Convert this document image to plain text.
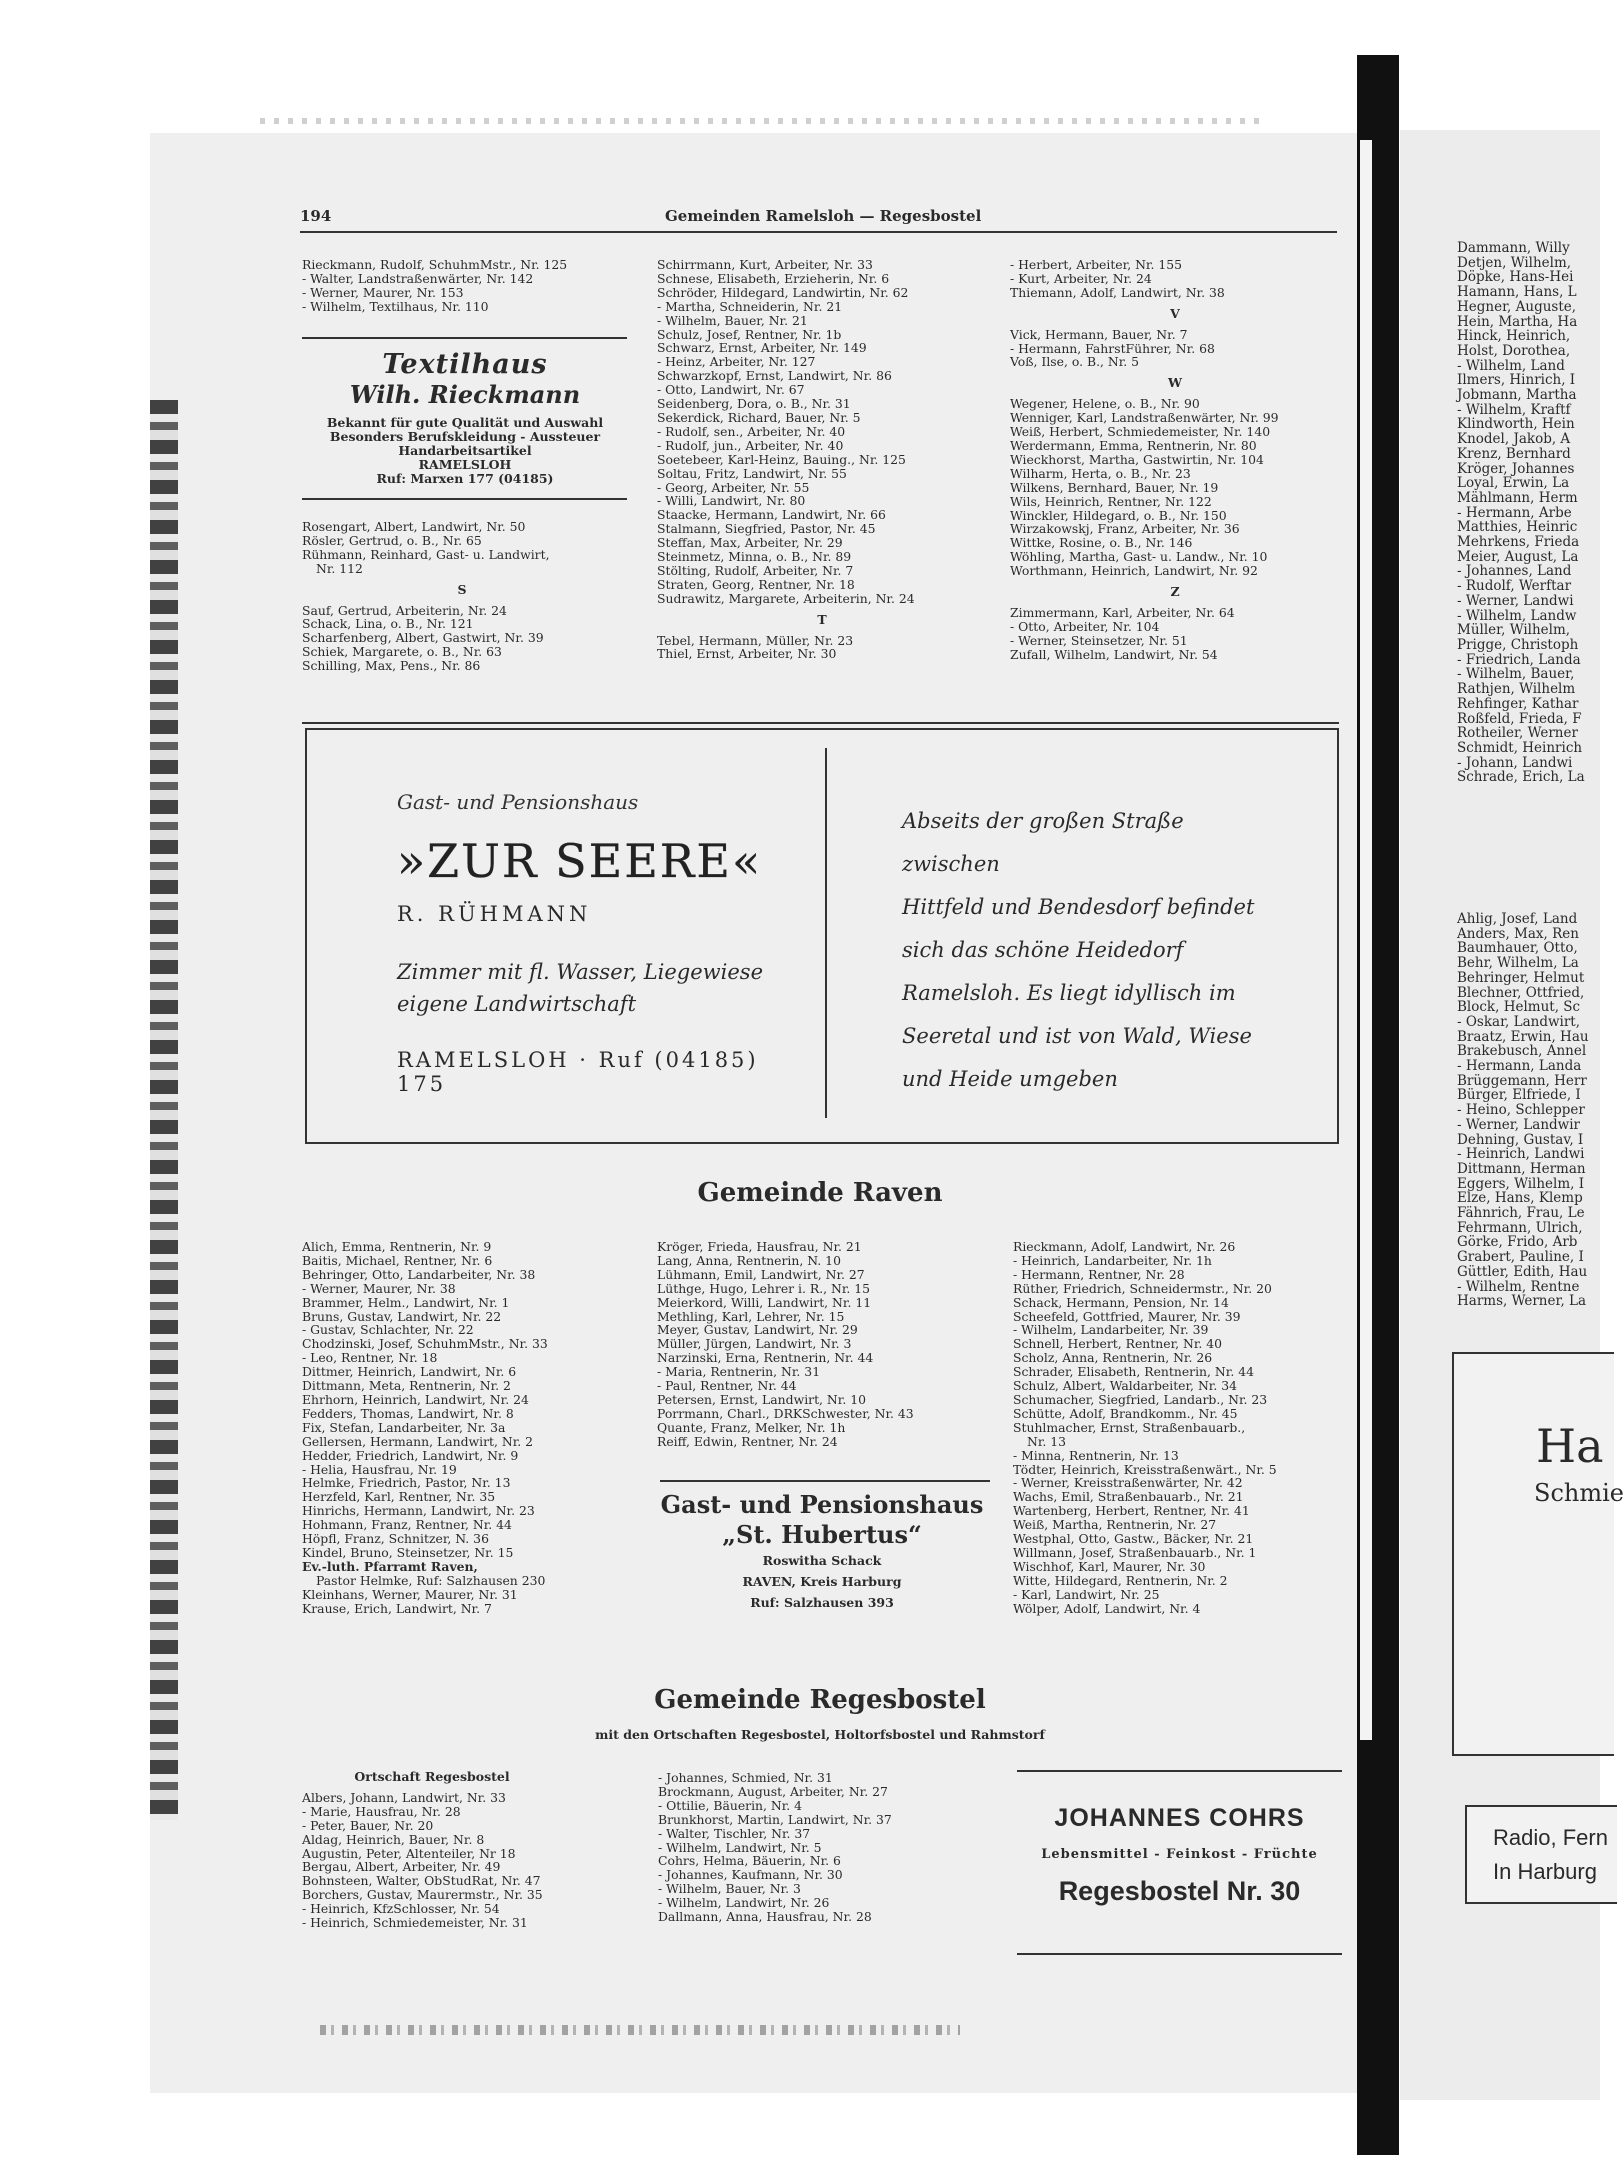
Dammann, Willy
Detjen, Wilhelm,
Döpke, Hans-Hei
Hamann, Hans, L
Hegner, Auguste,
Hein, Martha, Ha
Hinck, Heinrich,
Holst, Dorothea,
- Wilhelm, Land
Ilmers, Hinrich, I
Jobmann, Martha
- Wilhelm, Kraftf
Klindworth, Hein
Knodel, Jakob, A
Krenz, Bernhard
Kröger, Johannes
Loyal, Erwin, La
Mählmann, Herm
- Hermann, Arbe
Matthies, Heinric
Mehrkens, Frieda
Meier, August, La
- Johannes, Land
- Rudolf, Werftar
- Werner, Landwi
- Wilhelm, Landw
Müller, Wilhelm,
Prigge, Christoph
- Friedrich, Landa
- Wilhelm, Bauer,
Rathjen, Wilhelm
Rehfinger, Kathar
Roßfeld, Frieda, F
Rotheiler, Werner
Schmidt, Heinrich
- Johann, Landwi
Schrade, Erich, La
Ahlig, Josef, Land
Anders, Max, Ren
Baumhauer, Otto,
Behr, Wilhelm, La
Behringer, Helmut
Blechner, Ottfried,
Block, Helmut, Sc
- Oskar, Landwirt,
Braatz, Erwin, Hau
Brakebusch, Annel
- Hermann, Landa
Brüggemann, Herr
Bürger, Elfriede, I
- Heino, Schlepper
- Werner, Landwir
Dehning, Gustav, I
- Heinrich, Landwi
Dittmann, Herman
Eggers, Wilhelm, I
Elze, Hans, Klemp
Fähnrich, Frau, Le
Fehrmann, Ulrich,
Görke, Frido, Arb
Grabert, Pauline, I
Güttler, Edith, Hau
- Wilhelm, Rentne
Harms, Werner, La
Ha
Schmie
Radio, Fern
In Harburg
194	Gemeinden Ramelsloh — Regesbostel
Rieckmann, Rudolf, SchuhmMstr., Nr. 125
- Walter, Landstraßenwärter, Nr. 142
- Werner, Maurer, Nr. 153
- Wilhelm, Textilhaus, Nr. 110
Textilhaus
Wilh. Rieckmann
Bekannt für gute Qualität und Auswahl
Besonders Berufskleidung - Aussteuer
Handarbeitsartikel
RAMELSLOH
Ruf: Marxen 177 (04185)
Rosengart, Albert, Landwirt, Nr. 50
Rösler, Gertrud, o. B., Nr. 65
Rühmann, Reinhard, Gast- u. Landwirt,
Nr. 112
S
Sauf, Gertrud, Arbeiterin, Nr. 24
Schack, Lina, o. B., Nr. 121
Scharfenberg, Albert, Gastwirt, Nr. 39
Schiek, Margarete, o. B., Nr. 63
Schilling, Max, Pens., Nr. 86
Schirrmann, Kurt, Arbeiter, Nr. 33
Schnese, Elisabeth, Erzieherin, Nr. 6
Schröder, Hildegard, Landwirtin, Nr. 62
- Martha, Schneiderin, Nr. 21
- Wilhelm, Bauer, Nr. 21
Schulz, Josef, Rentner, Nr. 1b
Schwarz, Ernst, Arbeiter, Nr. 149
- Heinz, Arbeiter, Nr. 127
Schwarzkopf, Ernst, Landwirt, Nr. 86
- Otto, Landwirt, Nr. 67
Seidenberg, Dora, o. B., Nr. 31
Sekerdick, Richard, Bauer, Nr. 5
- Rudolf, sen., Arbeiter, Nr. 40
- Rudolf, jun., Arbeiter, Nr. 40
Soetebeer, Karl-Heinz, Bauing., Nr. 125
Soltau, Fritz, Landwirt, Nr. 55
- Georg, Arbeiter, Nr. 55
- Willi, Landwirt, Nr. 80
Staacke, Hermann, Landwirt, Nr. 66
Stalmann, Siegfried, Pastor, Nr. 45
Steffan, Max, Arbeiter, Nr. 29
Steinmetz, Minna, o. B., Nr. 89
Stölting, Rudolf, Arbeiter, Nr. 7
Straten, Georg, Rentner, Nr. 18
Sudrawitz, Margarete, Arbeiterin, Nr. 24
T
Tebel, Hermann, Müller, Nr. 23
Thiel, Ernst, Arbeiter, Nr. 30
- Herbert, Arbeiter, Nr. 155
- Kurt, Arbeiter, Nr. 24
Thiemann, Adolf, Landwirt, Nr. 38
V
Vick, Hermann, Bauer, Nr. 7
- Hermann, FahrstFührer, Nr. 68
Voß, Ilse, o. B., Nr. 5
W
Wegener, Helene, o. B., Nr. 90
Wenniger, Karl, Landstraßenwärter, Nr. 99
Weiß, Herbert, Schmiedemeister, Nr. 140
Werdermann, Emma, Rentnerin, Nr. 80
Wieckhorst, Martha, Gastwirtin, Nr. 104
Wilharm, Herta, o. B., Nr. 23
Wilkens, Bernhard, Bauer, Nr. 19
Wils, Heinrich, Rentner, Nr. 122
Winckler, Hildegard, o. B., Nr. 150
Wirzakowskj, Franz, Arbeiter, Nr. 36
Wittke, Rosine, o. B., Nr. 146
Wöhling, Martha, Gast- u. Landw., Nr. 10
Worthmann, Heinrich, Landwirt, Nr. 92
Z
Zimmermann, Karl, Arbeiter, Nr. 64
- Otto, Arbeiter, Nr. 104
- Werner, Steinsetzer, Nr. 51
Zufall, Wilhelm, Landwirt, Nr. 54
Gast- und Pensionshaus
»ZUR SEERE«
R. RÜHMANN
Zimmer mit fl. Wasser, Liegewiese
eigene Landwirtschaft
RAMELSLOH · Ruf (04185) 175
Abseits der großen Straße zwischen
Hittfeld und Bendesdorf befindet
sich das schöne Heidedorf
Ramelsloh. Es liegt idyllisch im
Seeretal und ist von Wald, Wiese
und Heide umgeben
Gemeinde Raven
Alich, Emma, Rentnerin, Nr. 9
Baitis, Michael, Rentner, Nr. 6
Behringer, Otto, Landarbeiter, Nr. 38
- Werner, Maurer, Nr. 38
Brammer, Helm., Landwirt, Nr. 1
Bruns, Gustav, Landwirt, Nr. 22
- Gustav, Schlachter, Nr. 22
Chodzinski, Josef, SchuhmMstr., Nr. 33
- Leo, Rentner, Nr. 18
Dittmer, Heinrich, Landwirt, Nr. 6
Dittmann, Meta, Rentnerin, Nr. 2
Ehrhorn, Heinrich, Landwirt, Nr. 24
Fedders, Thomas, Landwirt, Nr. 8
Fix, Stefan, Landarbeiter, Nr. 3a
Gellersen, Hermann, Landwirt, Nr. 2
Hedder, Friedrich, Landwirt, Nr. 9
- Helia, Hausfrau, Nr. 19
Helmke, Friedrich, Pastor, Nr. 13
Herzfeld, Karl, Rentner, Nr. 35
Hinrichs, Hermann, Landwirt, Nr. 23
Hohmann, Franz, Rentner, Nr. 44
Höpfl, Franz, Schnitzer, N. 36
Kindel, Bruno, Steinsetzer, Nr. 15
Ev.-luth. Pfarramt Raven,
Pastor Helmke, Ruf: Salzhausen 230
Kleinhans, Werner, Maurer, Nr. 31
Krause, Erich, Landwirt, Nr. 7
Kröger, Frieda, Hausfrau, Nr. 21
Lang, Anna, Rentnerin, N. 10
Lühmann, Emil, Landwirt, Nr. 27
Lüthge, Hugo, Lehrer i. R., Nr. 15
Meierkord, Willi, Landwirt, Nr. 11
Methling, Karl, Lehrer, Nr. 15
Meyer, Gustav, Landwirt, Nr. 29
Müller, Jürgen, Landwirt, Nr. 3
Narzinski, Erna, Rentnerin, Nr. 44
- Maria, Rentnerin, Nr. 31
- Paul, Rentner, Nr. 44
Petersen, Ernst, Landwirt, Nr. 10
Porrmann, Charl., DRKSchwester, Nr. 43
Quante, Franz, Melker, Nr. 1h
Reiff, Edwin, Rentner, Nr. 24
Rieckmann, Adolf, Landwirt, Nr. 26
- Heinrich, Landarbeiter, Nr. 1h
- Hermann, Rentner, Nr. 28
Rüther, Friedrich, Schneidermstr., Nr. 20
Schack, Hermann, Pension, Nr. 14
Scheefeld, Gottfried, Maurer, Nr. 39
- Wilhelm, Landarbeiter, Nr. 39
Schnell, Herbert, Rentner, Nr. 40
Scholz, Anna, Rentnerin, Nr. 26
Schrader, Elisabeth, Rentnerin, Nr. 44
Schulz, Albert, Waldarbeiter, Nr. 34
Schumacher, Siegfried, Landarb., Nr. 23
Schütte, Adolf, Brandkomm., Nr. 45
Stuhlmacher, Ernst, Straßenbauarb.,
Nr. 13
- Minna, Rentnerin, Nr. 13
Tödter, Heinrich, Kreisstraßenwärt., Nr. 5
- Werner, Kreisstraßenwärter, Nr. 42
Wachs, Emil, Straßenbauarb., Nr. 21
Wartenberg, Herbert, Rentner, Nr. 41
Weiß, Martha, Rentnerin, Nr. 27
Westphal, Otto, Gastw., Bäcker, Nr. 21
Willmann, Josef, Straßenbauarb., Nr. 1
Wischhof, Karl, Maurer, Nr. 30
Witte, Hildegard, Rentnerin, Nr. 2
- Karl, Landwirt, Nr. 25
Wölper, Adolf, Landwirt, Nr. 4
Gast- und Pensionshaus
„St. Hubertus“
Roswitha Schack
RAVEN, Kreis Harburg
Ruf: Salzhausen 393
Gemeinde Regesbostel
mit den Ortschaften Regesbostel, Holtorfsbostel und Rahmstorf
Ortschaft Regesbostel
Albers, Johann, Landwirt, Nr. 33
- Marie, Hausfrau, Nr. 28
- Peter, Bauer, Nr. 20
Aldag, Heinrich, Bauer, Nr. 8
Augustin, Peter, Altenteiler, Nr 18
Bergau, Albert, Arbeiter, Nr. 49
Bohnsteen, Walter, ObStudRat, Nr. 47
Borchers, Gustav, Maurermstr., Nr. 35
- Heinrich, KfzSchlosser, Nr. 54
- Heinrich, Schmiedemeister, Nr. 31
- Johannes, Schmied, Nr. 31
Brockmann, August, Arbeiter, Nr. 27
- Ottilie, Bäuerin, Nr. 4
Brunkhorst, Martin, Landwirt, Nr. 37
- Walter, Tischler, Nr. 37
- Wilhelm, Landwirt, Nr. 5
Cohrs, Helma, Bäuerin, Nr. 6
- Johannes, Kaufmann, Nr. 30
- Wilhelm, Bauer, Nr. 3
- Wilhelm, Landwirt, Nr. 26
Dallmann, Anna, Hausfrau, Nr. 28
JOHANNES COHRS
Lebensmittel - Feinkost - Früchte
Regesbostel Nr. 30
